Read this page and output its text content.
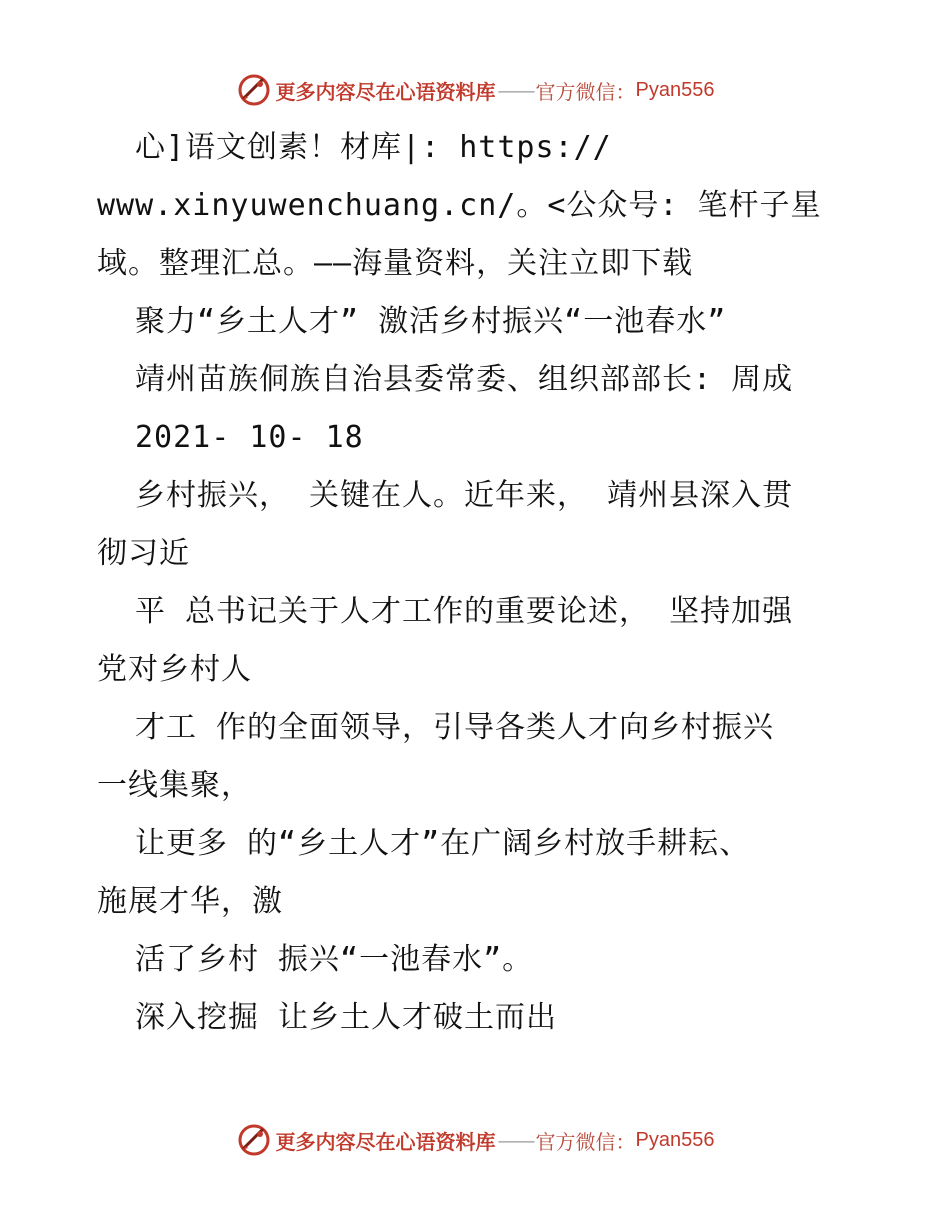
更多内容尽在心语资料库 —— 官方微信： Pyan556
心]语文创素！材库|: https://
www.xinyuwenchuang.cn/。<公众号: 笔杆子星
域。整理汇总。——海量资料，关注立即下载
聚力“乡土人才” 激活乡村振兴“一池春水”
靖州苗族侗族自治县委常委、组织部部长: 周成
2021- 10- 18
乡村振兴， 关键在人。近年来， 靖州县深入贯
彻习近
平 总书记关于人才工作的重要论述， 坚持加强
党对乡村人
才工 作的全面领导，引导各类人才向乡村振兴
一线集聚，
让更多 的“乡土人才”在广阔乡村放手耕耘、
施展才华，激
活了乡村 振兴“一池春水”。
深入挖掘 让乡土人才破土而出
更多内容尽在心语资料库 —— 官方微信： Pyan556
